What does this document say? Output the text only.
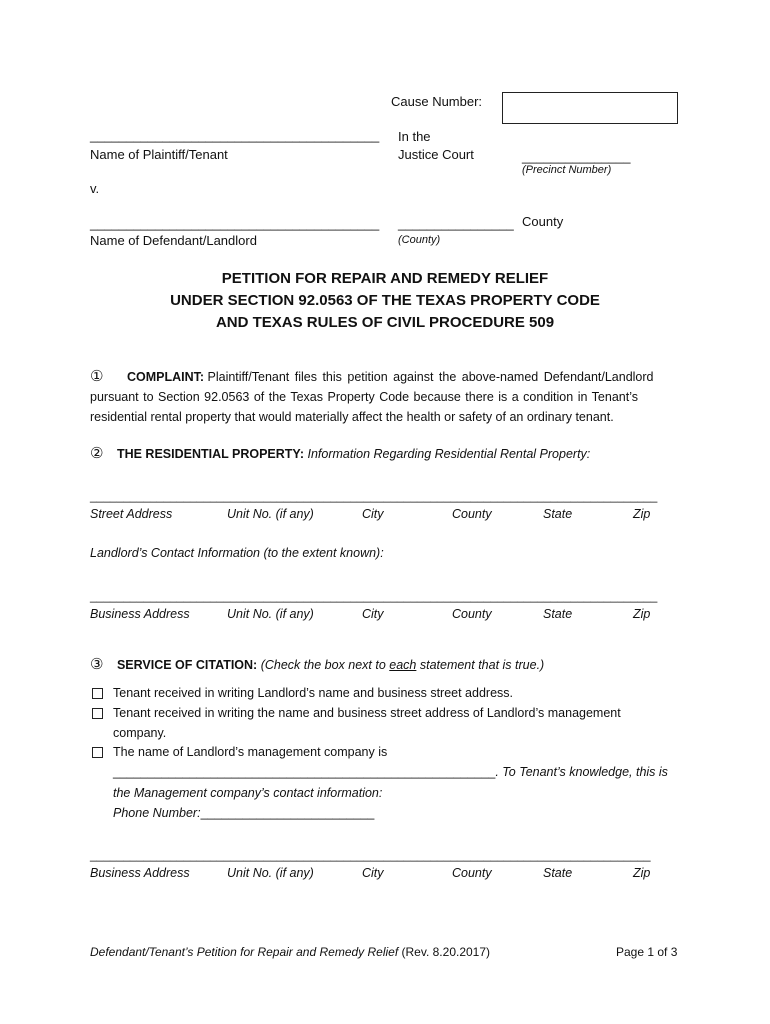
Cause Number:
________________________________________
Name of Plaintiff/Tenant
In the
Justice Court	_______________
(Precinct Number)
v.
________________________________________
Name of Defendant/Landlord
________________ County
(County)
PETITION FOR REPAIR AND REMEDY RELIEF
UNDER SECTION 92.0563 OF THE TEXAS PROPERTY CODE
AND TEXAS RULES OF CIVIL PROCEDURE 509
① COMPLAINT: Plaintiff/Tenant files this petition against the above-named Defendant/Landlord
pursuant to Section 92.0563 of the Texas Property Code because there is a condition in Tenant’s
residential rental property that would materially affect the health or safety of an ordinary tenant.
② THE RESIDENTIAL PROPERTY: Information Regarding Residential Rental Property:
_____________________________________________________________________________________
Street Address	Unit No. (if any)	City	County	State	Zip
Landlord’s Contact Information (to the extent known):
_____________________________________________________________________________________
Business Address	Unit No. (if any)	City	County	State	Zip
③ SERVICE OF CITATION: (Check the box next to each statement that is true.)
Tenant received in writing Landlord’s name and business street address.
Tenant received in writing the name and business street address of Landlord’s management
company.
The name of Landlord’s management company is
_______________________________________________________. To Tenant’s knowledge, this is
the Management company’s contact information:
Phone Number:_________________________
____________________________________________________________________________________
Business Address	Unit No. (if any)	City	County	State	Zip
Defendant/Tenant’s Petition for Repair and Remedy Relief (Rev. 8.20.2017)	Page 1 of 3
